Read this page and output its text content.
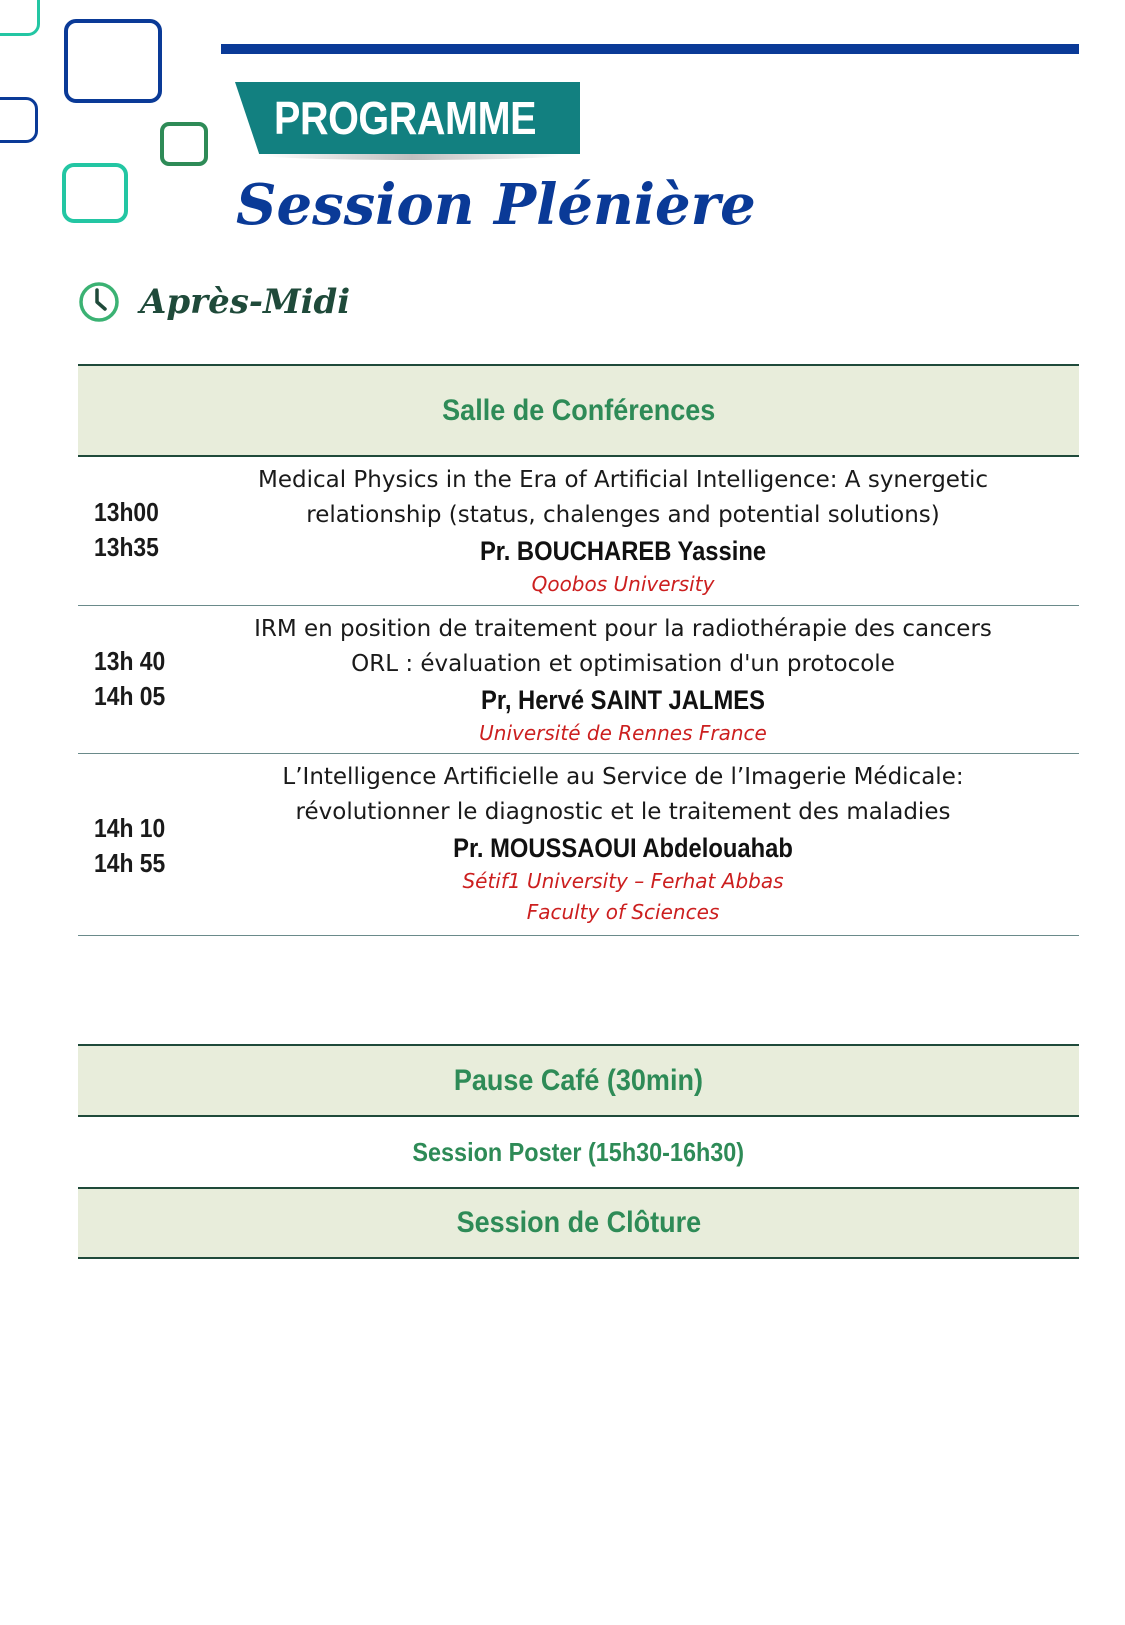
PROGRAMME
Session Plénière
Après-Midi
Salle de Conférences
13h00
13h35
Medical Physics in the Era of Artificial Intelligence: A synergetic
relationship (status, chalenges and potential solutions)
Pr. BOUCHAREB Yassine
Qoobos University
13h 40
14h 05
IRM en position de traitement pour la radiothérapie des cancers
ORL : évaluation et optimisation d'un protocole
Pr, Hervé SAINT JALMES
Université de Rennes France
14h 10
14h 55
L’Intelligence Artificielle au Service de l’Imagerie Médicale:
révolutionner le diagnostic et le traitement des maladies
Pr. MOUSSAOUI Abdelouahab
Sétif1 University – Ferhat Abbas
Faculty of Sciences
Pause Café (30min)
Session Poster (15h30-16h30)
Session de Clôture
